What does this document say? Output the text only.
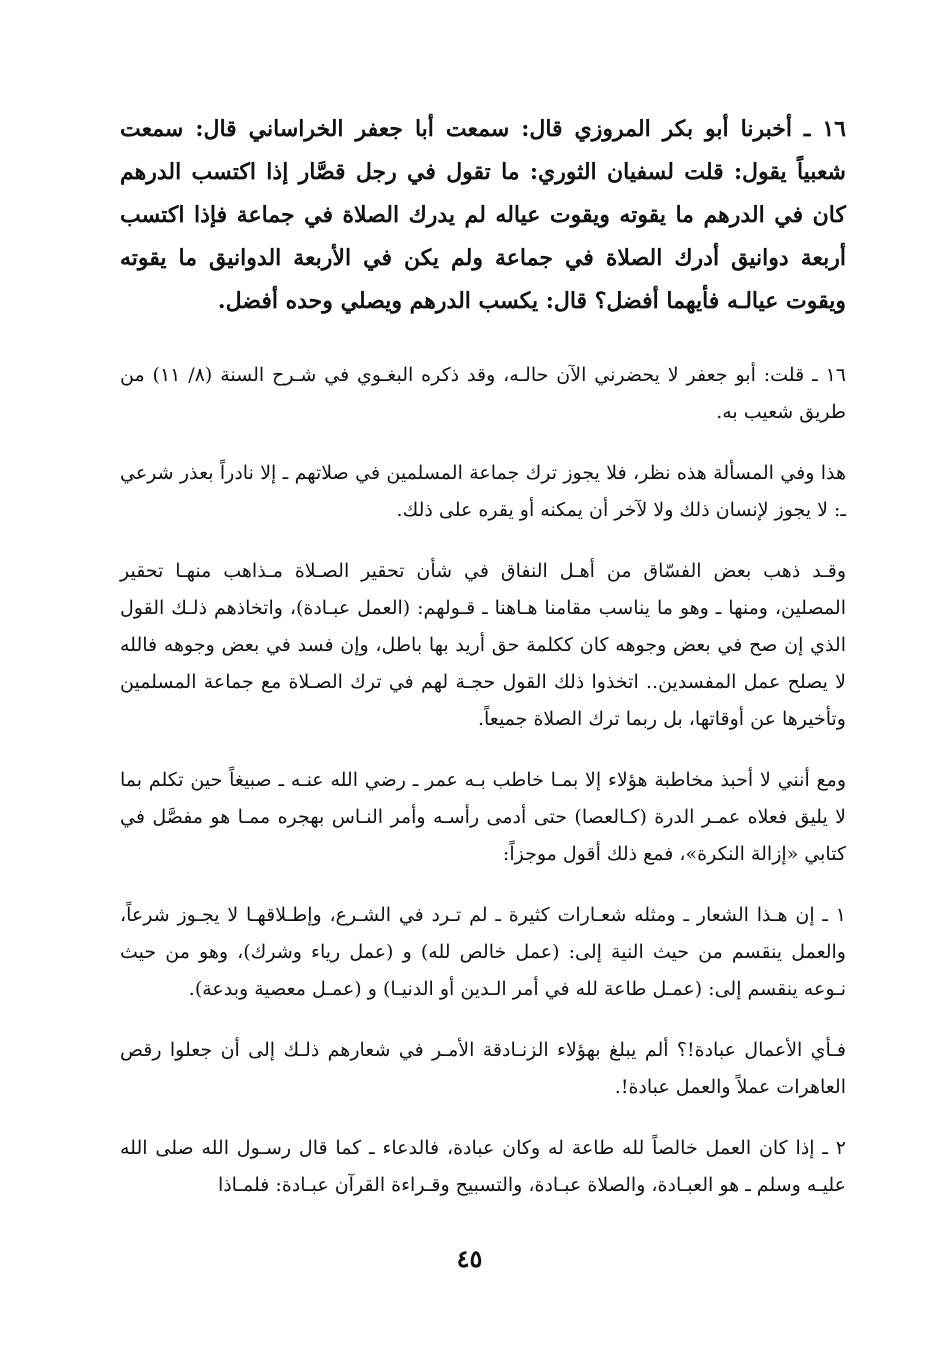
١٦ ـ أخبرنا أبو بكر المروزي قال: سمعت أبا جعفر الخراساني قال: سمعت شعبياً يقول: قلت لسفيان الثوري: ما تقول في رجل قصَّار إذا اكتسب الدرهم كان في الدرهم ما يقوته ويقوت عياله لم يدرك الصلاة في جماعة فإذا اكتسب أربعة دوانيق أدرك الصلاة في جماعة ولم يكن في الأربعة الدوانيق ما يقوته ويقوت عيالـه فأيهما أفضل؟ قال: يكسب الدرهم ويصلي وحده أفضل.

١٦ ـ قلت: أبو جعفر لا يحضرني الآن حالـه، وقد ذكره البغـوي في شـرح السنة (٨/ ١١) من طريق شعيب به.

هذا وفي المسألة هذه نظر، فلا يجوز ترك جماعة المسلمين في صلاتهم ـ إلا نادراً بعذر شرعي ـ: لا يجوز لإنسان ذلك ولا لآخر أن يمكنه أو يقره على ذلك.

وقـد ذهب بعض الفسّاق من أهـل النفاق في شأن تحقير الصـلاة مـذاهب منهـا تحقير المصلين، ومنها ـ وهو ما يناسب مقامنا هـاهنا ـ قـولهم: (العمل عبـادة)، واتخاذهم ذلـك القول الذي إن صح في بعض وجوهه كان ككلمة حق أريد بها باطل، وإن فسد في بعض وجوهه فالله لا يصلح عمل المفسدين.. اتخذوا ذلك القول حجـة لهم في ترك الصـلاة مع جماعة المسلمين وتأخيرها عن أوقاتها، بل ربما ترك الصلاة جميعاً.

ومع أنني لا أحبذ مخاطبة هؤلاء إلا بمـا خاطب بـه عمر ـ رضي الله عنـه ـ صبيغاً حين تكلم بما لا يليق فعلاه عمـر الدرة (كـالعصا) حتى أدمى رأسـه وأمر النـاس بهجره ممـا هو مفصَّل في كتابي «إزالة النكرة»، فمع ذلك أقول موجزاً:

١ ـ إن هـذا الشعار ـ ومثله شعـارات كثيرة ـ لم تـرد في الشـرع، وإطـلاقهـا لا يجـوز شرعاً، والعمل ينقسم من حيث النية إلى: (عمل خالص لله) و (عمل رياء وشرك)، وهو من حيث نـوعه ينقسم إلى: (عمـل طاعة لله في أمر الـدين أو الدنيـا) و (عمـل معصية وبدعة).

فـأي الأعمال عبادة!؟ ألم يبلغ بهؤلاء الزنـادقة الأمـر في شعارهم ذلـك إلى أن جعلوا رقص العاهرات عملاً والعمل عبادة!.

٢ ـ إذا كان العمل خالصاً لله طاعة له وكان عبادة، فالدعاء ـ كما قال رسـول الله صلى الله عليـه وسلم ـ هو العبـادة، والصلاة عبـادة، والتسبيح وقـراءة القرآن عبـادة: فلمـاذا

٤٥
